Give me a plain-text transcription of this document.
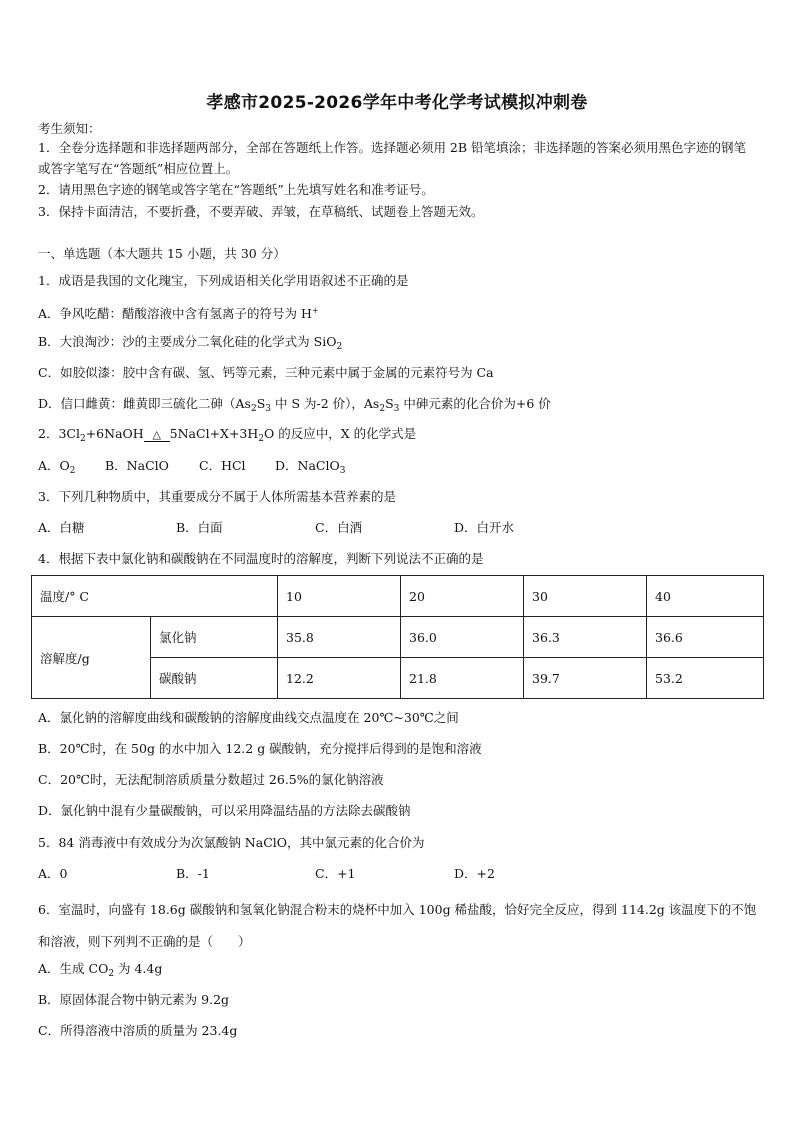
孝感市2025-2026学年中考化学考试模拟冲刺卷
考生须知：
1．全卷分选择题和非选择题两部分，全部在答题纸上作答。选择题必须用 2B 铅笔填涂；非选择题的答案必须用黑色字迹的钢笔或答字笔写在“答题纸”相应位置上。
2．请用黑色字迹的钢笔或答字笔在“答题纸”上先填写姓名和准考证号。
3．保持卡面清洁，不要折叠，不要弄破、弄皱，在草稿纸、试题卷上答题无效。
一、单选题（本大题共 15 小题，共 30 分）
1．成语是我国的文化瑰宝，下列成语相关化学用语叙述不正确的是
A．争风吃醋：醋酸溶液中含有氢离子的符号为 H+
B．大浪淘沙：沙的主要成分二氧化硅的化学式为 SiO$_2$
C．如胶似漆：胶中含有碳、氢、钙等元素，三种元素中属于金属的元素符号为 Ca
D．信口雌黄：雌黄即三硫化二砷（$As_2S_3$ 中 S 为-2 价），$As_2S_3$ 中砷元素的化合价为+6 价
2．$3Cl_2+6NaOH$ △ $5NaCl+X+3H_2O$ 的反应中，X 的化学式是
A．$O_2$ B．NaClO C．HCl D．NaClO$_3$
3．下列几种物质中，其重要成分不属于人体所需基本营养素的是
A．白糖	B．白面	C．白酒	D．白开水
4．根据下表中氯化钠和碳酸钠在不同温度时的溶解度，判断下列说法不正确的是
温度/° C		10	20	30	40
溶解度/g	氯化钠	35.8	36.0	36.3	36.6
	碳酸钠	12.2	21.8	39.7	53.2
A．氯化钠的溶解度曲线和碳酸钠的溶解度曲线交点温度在 20℃~30℃之间
B．20℃时，在 50g 的水中加入 12.2 g 碳酸钠，充分搅拌后得到的是饱和溶液
C．20℃时，无法配制溶质质量分数超过 26.5%的氯化钠溶液
D．氯化钠中混有少量碳酸钠，可以采用降温结晶的方法除去碳酸钠
5．84 消毒液中有效成分为次氯酸钠 NaClO，其中氯元素的化合价为
A．0	B．-1	C．+1	D．+2
6．室温时，向盛有 18.6g 碳酸钠和氢氧化钠混合粉末的烧杯中加入 100g 稀盐酸，恰好完全反应，得到 114.2g 该温度下的不饱和溶液，则下列判不正确的是（　　）
A．生成 $CO_2$ 为 4.4g
B．原固体混合物中钠元素为 9.2g
C．所得溶液中溶质的质量为 23.4g
